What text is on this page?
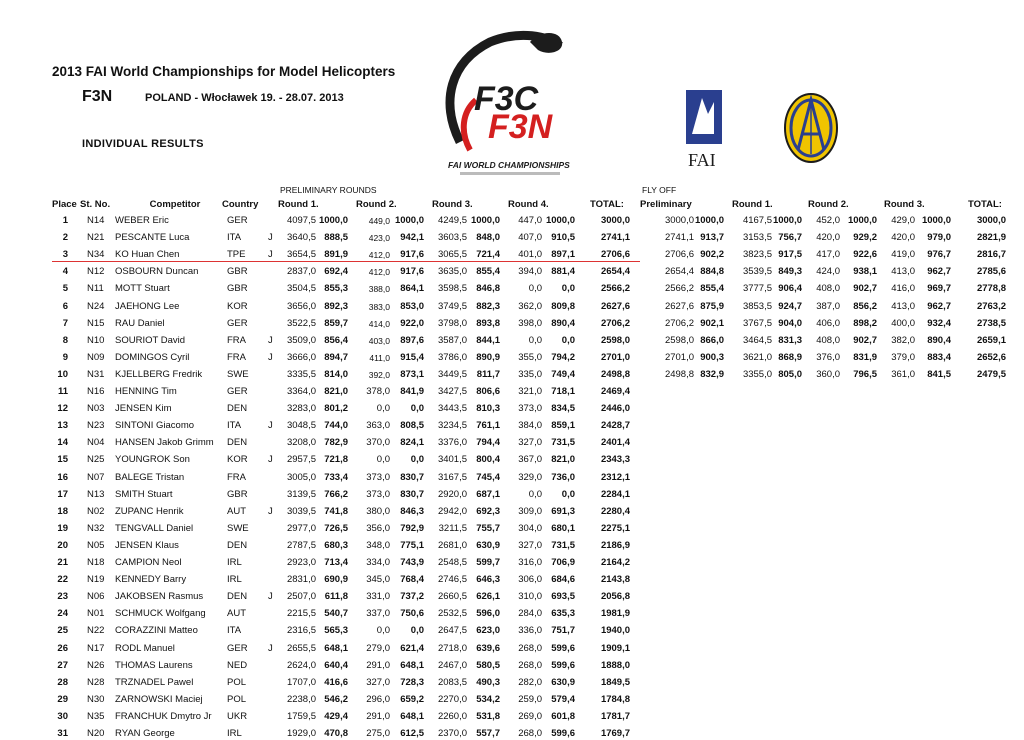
2013 FAI World Championships for Model Helicopters
F3N	POLAND - Włocławek 19. - 28.07. 2013
INDIVIDUAL RESULTS
F3C
F3N
FAI WORLD CHAMPIONSHIPS	FAI
PRELIMINARY ROUNDS	FLY OFF
Place St. No.	Competitor	Country Round 1.	Round 2.	Round 3.	Round 4.	TOTAL: Preliminary	Round 1.	Round 2.	Round 3.	TOTAL:
1 N14 WEBER Eric	GER	4097,5 1000,0	449,0 1000,0	4249,5 1000,0	447,0 1000,0	3000,0	3000,0 1000,0	4167,5 1000,0	452,0 1000,0	429,0 1000,0	3000,0
2 N21 PESCANTE Luca	ITA	J	3640,5 888,5	423,0	942,1	3603,5 848,0	407,0 910,5	2741,1	2741,1 913,7	3153,5 756,7	420,0	929,2	420,0	979,0	2821,9
3 N34 KO Huan Chen	TPE J	3654,5 891,9	412,0	917,6	3065,5 721,4	401,0 897,1	2706,6	2706,6 902,2	3823,5 917,5	417,0	922,6	419,0	976,7	2816,7
4 N12 OSBOURN Duncan	GBR	2837,0 692,4	412,0	917,6	3635,0 855,4	394,0 881,4	2654,4	2654,4 884,8	3539,5 849,3	424,0	938,1	413,0	962,7	2785,6
5 N11 MOTT Stuart	GBR	3504,5 855,3	388,0	864,1	3598,5 846,8	0,0	0,0	2566,2	2566,2 855,4	3777,5 906,4	408,0	902,7	416,0	969,7	2778,8
6 N24 JAEHONG Lee	KOR	3656,0 892,3	383,0	853,0	3749,5 882,3	362,0 809,8	2627,6	2627,6 875,9	3853,5 924,7	387,0	856,2	413,0	962,7	2763,2
7 N15 RAU Daniel	GER	3522,5 859,7	414,0	922,0	3798,0 893,8	398,0 890,4	2706,2	2706,2 902,1	3767,5 904,0	406,0	898,2	400,0	932,4	2738,5
8 N10 SOURIOT David	FRA J	3509,0 856,4	403,0	897,6	3587,0 844,1	0,0	0,0	2598,0	2598,0 866,0	3464,5 831,3	408,0	902,7	382,0	890,4	2659,1
9 N09 DOMINGOS Cyril	FRA J	3666,0 894,7	411,0	915,4	3786,0 890,9	355,0 794,2	2701,0	2701,0 900,3	3621,0 868,9	376,0	831,9	379,0	883,4	2652,6
10 N31 KJELLBERG Fredrik	SWE	3335,5 814,0	392,0	873,1	3449,5	811,7	335,0 749,4	2498,8	2498,8 832,9	3355,0 805,0	360,0	796,5	361,0	841,5	2479,5
11 N16 HENNING Tim	GER	3364,0 821,0	378,0	841,9	3427,5 806,6	321,0 718,1	2469,4
12 N03 JENSEN Kim	DEN	3283,0 801,2	0,0	0,0	3443,5 810,3	373,0 834,5	2446,0
13 N23 SINTONI Giacomo	ITA	J	3048,5 744,0	363,0	808,5	3234,5 761,1	384,0 859,1	2428,7
14 N04 HANSEN Jakob Grimm DEN	3208,0 782,9	370,0	824,1	3376,0 794,4	327,0 731,5	2401,4
15 N25 YOUNGROK Son	KOR J	2957,5 721,8	0,0	0,0	3401,5 800,4	367,0 821,0	2343,3
16 N07 BALEGE Tristan	FRA	3005,0 733,4	373,0	830,7	3167,5 745,4	329,0 736,0	2312,1
17 N13 SMITH Stuart	GBR	3139,5 766,2	373,0	830,7	2920,0 687,1	0,0	0,0	2284,1
18 N02 ZUPANC Henrik	AUT J	3039,5 741,8	380,0	846,3	2942,0 692,3	309,0 691,3	2280,4
19 N32 TENGVALL Daniel	SWE	2977,0 726,5	356,0	792,9	3211,5 755,7	304,0 680,1	2275,1
20 N05 JENSEN Klaus	DEN	2787,5 680,3	348,0	775,1	2681,0 630,9	327,0 731,5	2186,9
21 N18 CAMPION Neol	IRL	2923,0 713,4	334,0	743,9	2548,5 599,7	316,0 706,9	2164,2
22 N19 KENNEDY Barry	IRL	2831,0 690,9	345,0	768,4	2746,5 646,3	306,0 684,6	2143,8
23 N06 JAKOBSEN Rasmus	DEN J	2507,0 611,8	331,0	737,2	2660,5 626,1	310,0 693,5	2056,8
24 N01 SCHMUCK Wolfgang AUT	2215,5 540,7	337,0	750,6	2532,5 596,0	284,0 635,3	1981,9
25 N22 CORAZZINI Matteo	ITA	2316,5 565,3	0,0	0,0	2647,5 623,0	336,0 751,7	1940,0
26 N17 RODL Manuel	GER J	2655,5 648,1	279,0	621,4	2718,0 639,6	268,0 599,6	1909,1
27 N26 THOMAS Laurens	NED	2624,0 640,4	291,0	648,1	2467,0 580,5	268,0 599,6	1888,0
28 N28 TRZNADEL Pawel	POL	1707,0 416,6	327,0	728,3	2083,5 490,3	282,0 630,9	1849,5
29 N30 ZARNOWSKI Maciej	POL	2238,0 546,2	296,0	659,2	2270,0 534,2	259,0 579,4	1784,8
30 N35 FRANCHUK Dmytro Jr UKR	1759,5 429,4	291,0	648,1	2260,0 531,8	269,0 601,8	1781,7
31 N20 RYAN George	IRL	1929,0 470,8	275,0	612,5	2370,0 557,7	268,0 599,6	1769,7
